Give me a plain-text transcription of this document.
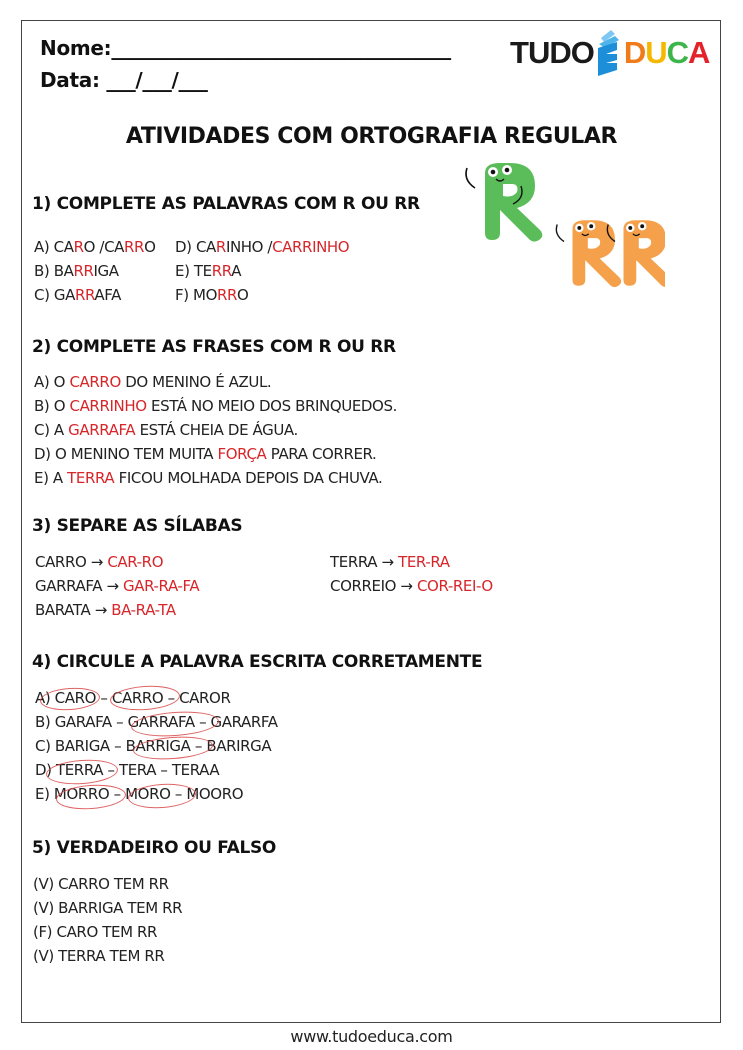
Nome:___________________________________
Data: ___/___/___
T U D O D U C A
ATIVIDADES COM ORTOGRAFIA REGULAR
1) COMPLETE AS PALAVRAS COM R OU RR
A) CARO /CARRO D) CARINHO /CARRINHO
B) BARRIGA	E) TERRA
C) GARRAFA	F) MORRO
2) COMPLETE AS FRASES COM R OU RR
A) O CARRO DO MENINO É AZUL.
B) O CARRINHO ESTÁ NO MEIO DOS BRINQUEDOS.
C) A GARRAFA ESTÁ CHEIA DE ÁGUA.
D) O MENINO TEM MUITA FORÇA PARA CORRER.
E) A TERRA FICOU MOLHADA DEPOIS DA CHUVA.
3) SEPARE AS SÍLABAS
CARRO → CAR-RO	TERRA → TER-RA
GARRAFA → GAR-RA-FA	CORREIO → COR-REI-O
BARATA → BA-RA-TA
4) CIRCULE A PALAVRA ESCRITA CORRETAMENTE
A) CARO – CARRO – CAROR
B) GARAFA – GARRAFA – GARARFA
C) BARIGA – BARRIGA – BARIRGA
D) TERRA – TERA – TERAA
E) MORRO – MORO – MOORO
5) VERDADEIRO OU FALSO
(V) CARRO TEM RR
(V) BARRIGA TEM RR
(F) CARO TEM RR
(V) TERRA TEM RR
www.tudoeduca.com
